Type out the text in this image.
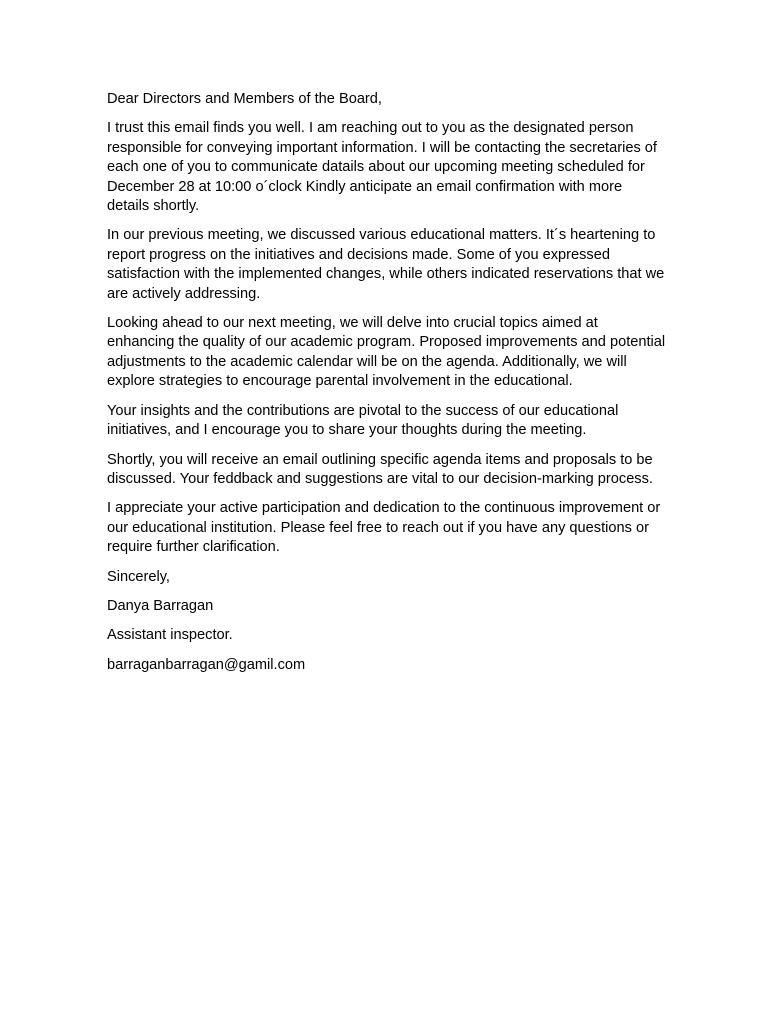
Dear Directors and Members of the Board,

I trust this email finds you well. I am reaching out to you as the designated person responsible for conveying important information. I will be contacting the secretaries of each one of you to communicate datails about our upcoming meeting scheduled for December 28 at 10:00 o´clock Kindly anticipate an email confirmation with more details shortly.

In our previous meeting, we discussed various educational matters. It´s heartening to report progress on the initiatives and decisions made. Some of you expressed satisfaction with the implemented changes, while others indicated reservations that we are actively addressing.

Looking ahead to our next meeting, we will delve into crucial topics aimed at enhancing the quality of our academic program. Proposed improvements and potential adjustments to the academic calendar will be on the agenda. Additionally, we will explore strategies to encourage parental involvement in the educational.

Your insights and the contributions are pivotal to the success of our educational initiatives, and I encourage you to share your thoughts during the meeting.

Shortly, you will receive an email outlining specific agenda items and proposals to be discussed. Your feddback and suggestions are vital to our decision-marking process.

I appreciate your active participation and dedication to the continuous improvement or our educational institution. Please feel free to reach out if you have any questions or require further clarification.

Sincerely,

Danya Barragan

Assistant inspector.

barraganbarragan@gamil.com
